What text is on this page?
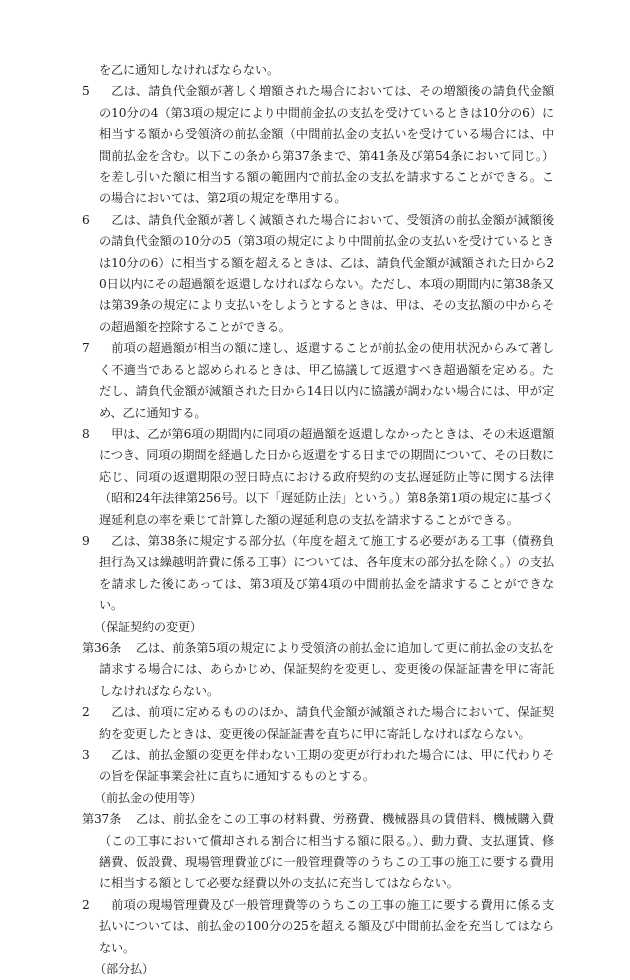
を乙に通知しなければならない。
5 　乙は、請負代金額が著しく増額された場合においては、その増額後の請負代金額の10分の4（第3項の規定により中間前金払の支払を受けているときは10分の6）に相当する額から受領済の前払金額（中間前払金の支払いを受けている場合には、中間前払金を含む。以下この条から第37条まで、第41条及び第54条において同じ。）を差し引いた額に相当する額の範囲内で前払金の支払を請求することができる。この場合においては、第2項の規定を準用する。
6 　乙は、請負代金額が著しく減額された場合において、受領済の前払金額が減額後の請負代金額の10分の5（第3項の規定により中間前払金の支払いを受けているときは10分の6）に相当する額を超えるときは、乙は、請負代金額が減額された日から20日以内にその超過額を返還しなければならない。ただし、本項の期間内に第38条又は第39条の規定により支払いをしようとするときは、甲は、その支払額の中からその超過額を控除することができる。
7 　前項の超過額が相当の額に達し、返還することが前払金の使用状況からみて著しく不適当であると認められるときは、甲乙協議して返還すべき超過額を定める。ただし、請負代金額が減額された日から14日以内に協議が調わない場合には、甲が定め、乙に通知する。
8 　甲は、乙が第6項の期間内に同項の超過額を返還しなかったときは、その未返還額につき、同項の期間を経過した日から返還をする日までの期間について、その日数に応じ、同項の返還期限の翌日時点における政府契約の支払遅延防止等に関する法律（昭和24年法律第256号。以下「遅延防止法」という。）第8条第1項の規定に基づく遅延利息の率を乗じて計算した額の遅延利息の支払を請求することができる。
9 　乙は、第38条に規定する部分払（年度を超えて施工する必要がある工事（債務負担行為又は繰越明許費に係る工事）については、各年度末の部分払を除く。）の支払を請求した後にあっては、第3項及び第4項の中間前払金を請求することができない。
（保証契約の変更）
第36条	乙は、前条第5項の規定により受領済の前払金に追加して更に前払金の支払を請求する場合には、あらかじめ、保証契約を変更し、変更後の保証証書を甲に寄託しなければならない。
2 　乙は、前項に定めるもののほか、請負代金額が減額された場合において、保証契約を変更したときは、変更後の保証証書を直ちに甲に寄託しなければならない。
3 　乙は、前払金額の変更を伴わない工期の変更が行われた場合には、甲に代わりその旨を保証事業会社に直ちに通知するものとする。
（前払金の使用等）
第37条	乙は、前払金をこの工事の材料費、労務費、機械器具の賃借料、機械購入費（この工事において償却される割合に相当する額に限る。）、動力費、支払運賃、修繕費、仮設費、現場管理費並びに一般管理費等のうちこの工事の施工に要する費用に相当する額として必要な経費以外の支払に充当してはならない。
2 　前項の現場管理費及び一般管理費等のうちこの工事の施工に要する費用に係る支払いについては、前払金の100分の25を超える額及び中間前払金を充当してはならない。
（部分払）
